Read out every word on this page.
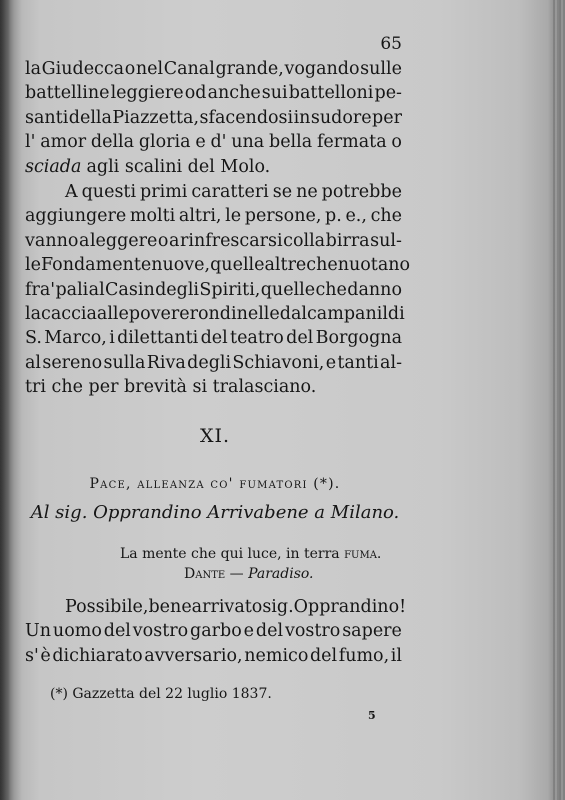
65
la Giudecca o nel Canal grande, vogando sulle
battelline leggiere od anche sui battelloni pe-
santi della Piazzetta, sfacendosi in sudore per
l' amor della gloria e d' una bella fermata o
sciada agli scalini del Molo.
A questi primi caratteri se ne potrebbe
aggiungere molti altri, le persone, p. e., che
vanno a leggere o a rinfrescarsi colla birra sul-
le Fondamente nuove, quelle altre che nuotano
fra' pali al Casin degli Spiriti, quelle che danno
la caccia alle povere rondinelle dal campanil di
S. Marco, i dilettanti del teatro del Borgogna
al sereno sulla Riva degli Schiavoni, e tanti al-
tri che per brevità si tralasciano.
XI.
Pace, alleanza co' fumatori (*).
Al sig. Opprandino Arrivabene a Milano.
La mente che qui luce, in terra fuma.
Dante — Paradiso.
Possibile, bene arrivato sig. Opprandino!
Un uomo del vostro garbo e del vostro sapere
s' è dichiarato avversario, nemico del fumo, il
(*) Gazzetta del 22 luglio 1837.
5
